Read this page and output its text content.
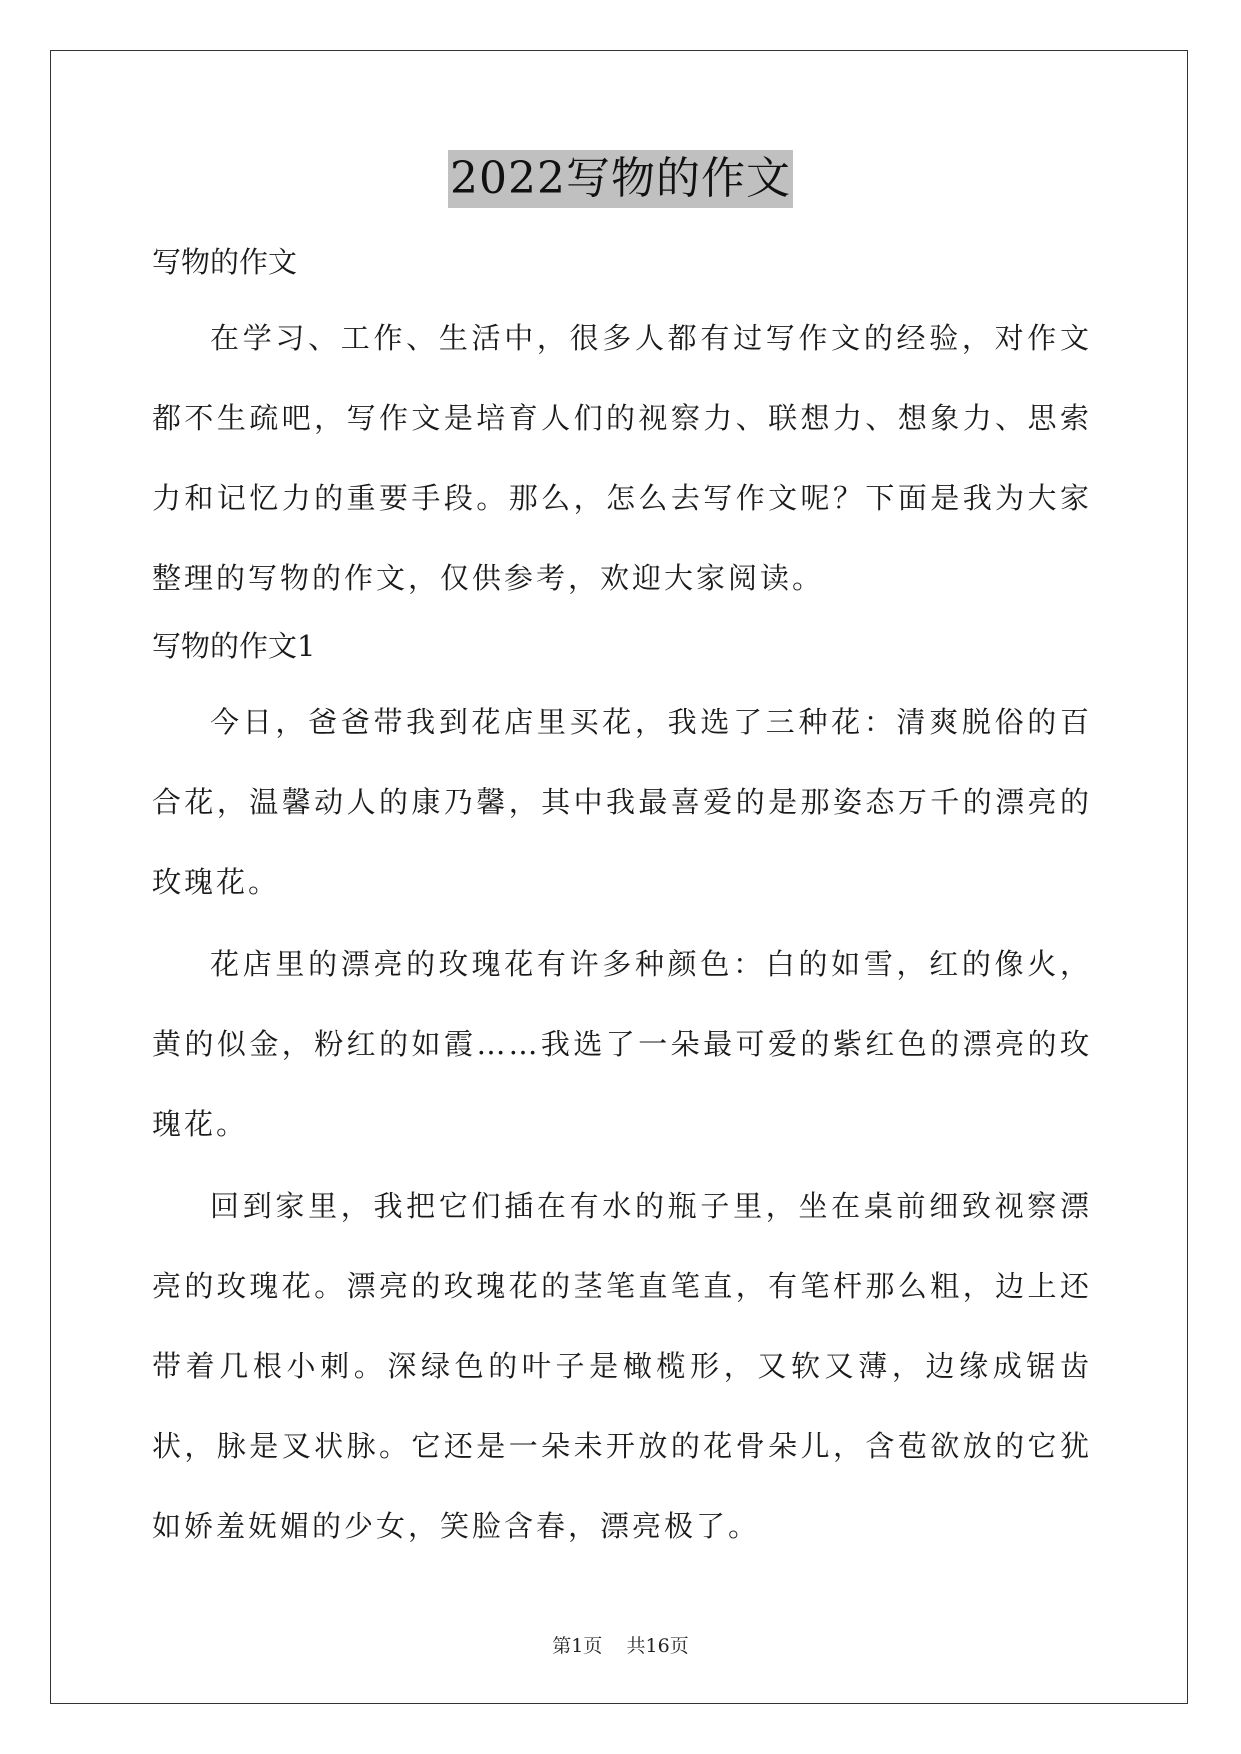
2022写物的作文
写物的作文

在学习、工作、生活中，很多人都有过写作文的经验，对作文都不生疏吧，写作文是培育人们的视察力、联想力、想象力、思索力和记忆力的重要手段。那么，怎么去写作文呢？下面是我为大家整理的写物的作文，仅供参考，欢迎大家阅读。

写物的作文1

今日，爸爸带我到花店里买花，我选了三种花：清爽脱俗的百合花，温馨动人的康乃馨，其中我最喜爱的是那姿态万千的漂亮的玫瑰花。

花店里的漂亮的玫瑰花有许多种颜色：白的如雪，红的像火，黄的似金，粉红的如霞……我选了一朵最可爱的紫红色的漂亮的玫瑰花。

回到家里，我把它们插在有水的瓶子里，坐在桌前细致视察漂亮的玫瑰花。漂亮的玫瑰花的茎笔直笔直，有笔杆那么粗，边上还带着几根小刺。深绿色的叶子是橄榄形，又软又薄，边缘成锯齿状，脉是叉状脉。它还是一朵未开放的花骨朵儿，含苞欲放的它犹如娇羞妩媚的少女，笑脸含春，漂亮极了。

第1页 共16页
